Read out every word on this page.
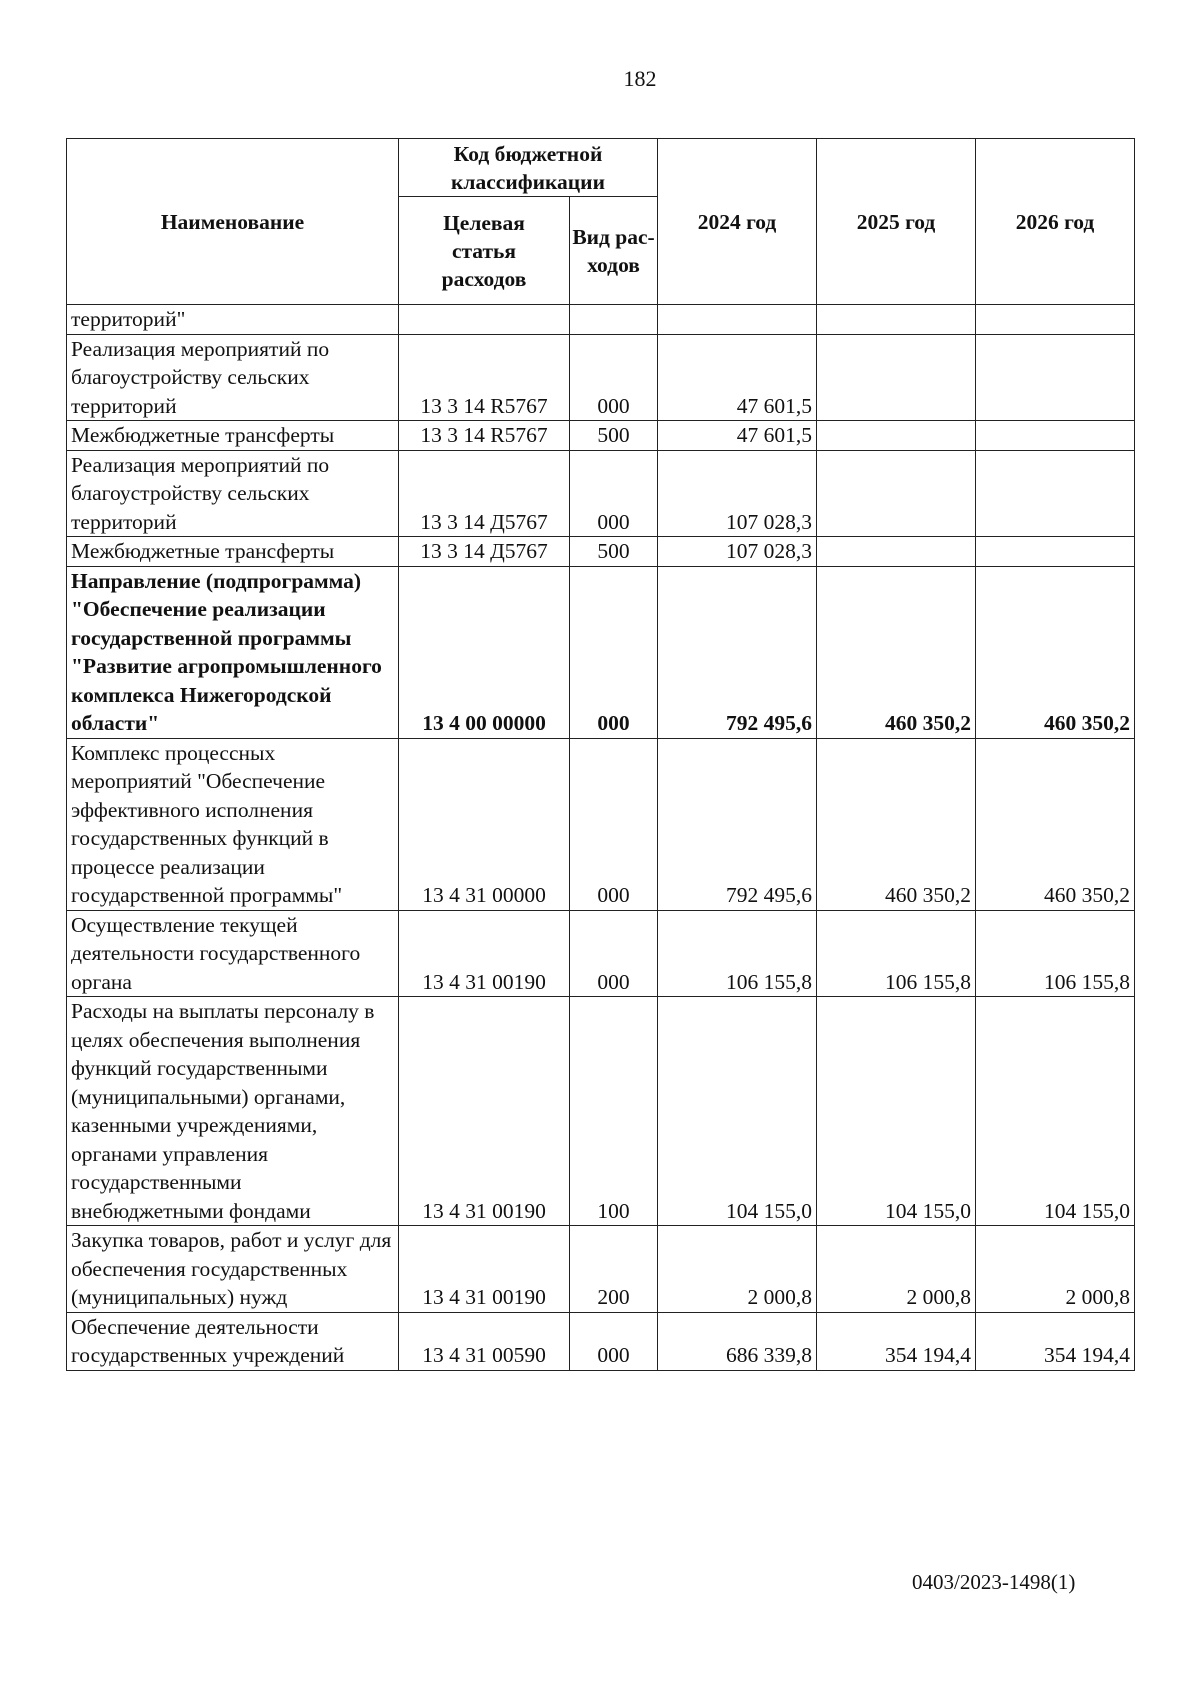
182
Наименование	Код бюджетной классификации		2024 год	2025 год	2026 год
	Целевая статья расходов	Вид рас-ходов			
территорий"					
Реализация мероприятий по благоустройству сельских территорий	13 3 14 R5767	000	47 601,5		
Межбюджетные трансферты	13 3 14 R5767	500	47 601,5		
Реализация мероприятий по благоустройству сельских территорий	13 3 14 Д5767	000	107 028,3		
Межбюджетные трансферты	13 3 14 Д5767	500	107 028,3		
Направление (подпрограмма) "Обеспечение реализации государственной программы "Развитие агропромышленного комплекса Нижегородской области"	13 4 00 00000	000	792 495,6	460 350,2	460 350,2
Комплекс процессных мероприятий "Обеспечение эффективного исполнения государственных функций в процессе реализации государственной программы"	13 4 31 00000	000	792 495,6	460 350,2	460 350,2
Осуществление текущей деятельности государственного органа	13 4 31 00190	000	106 155,8	106 155,8	106 155,8
Расходы на выплаты персоналу в целях обеспечения выполнения функций государственными (муниципальными) органами, казенными учреждениями, органами управления государственными внебюджетными фондами	13 4 31 00190	100	104 155,0	104 155,0	104 155,0
Закупка товаров, работ и услуг для обеспечения государственных (муниципальных) нужд	13 4 31 00190	200	2 000,8	2 000,8	2 000,8
Обеспечение деятельности государственных учреждений	13 4 31 00590	000	686 339,8	354 194,4	354 194,4
0403/2023-1498(1)
